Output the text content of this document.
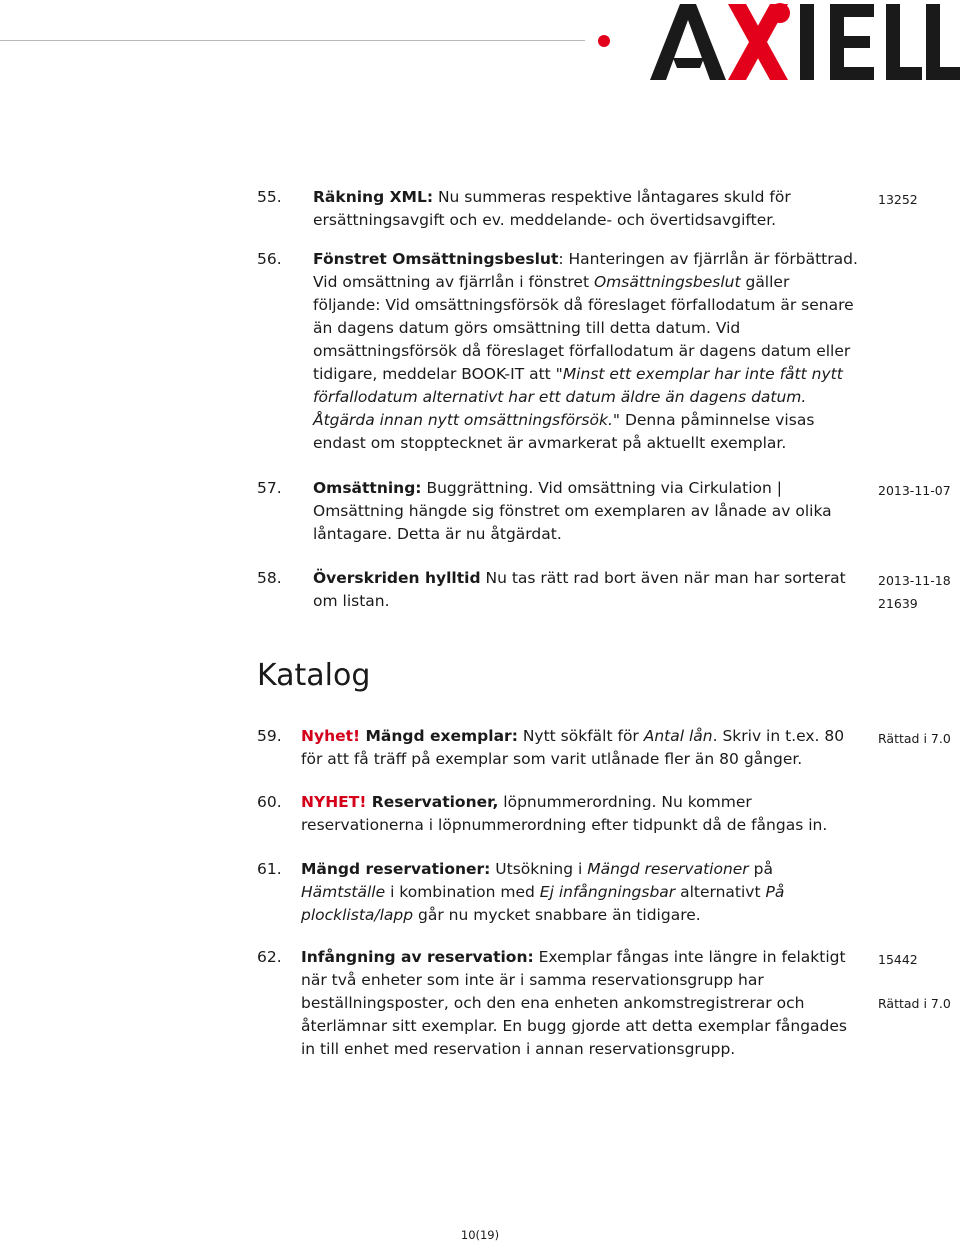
55. Räkning XML: Nu summeras respektive låntagares skuld för ersättningsavgift och ev. meddelande- och övertidsavgifter.
13252
56. Fönstret Omsättningsbeslut: Hanteringen av fjärrlån är förbättrad. Vid omsättning av fjärrlån i fönstret Omsättningsbeslut gäller följande: Vid omsättningsförsök då föreslaget förfallodatum är senare än dagens datum görs omsättning till detta datum. Vid omsättningsförsök då föreslaget förfallodatum är dagens datum eller tidigare, meddelar BOOK-IT att "Minst ett exemplar har inte fått nytt förfallodatum alternativt har ett datum äldre än dagens datum. Åtgärda innan nytt omsättningsförsök." Denna påminnelse visas endast om stopptecknet är avmarkerat på aktuellt exemplar.
57. Omsättning: Buggrättning. Vid omsättning via Cirkulation | Omsättning hängde sig fönstret om exemplaren av lånade av olika låntagare. Detta är nu åtgärdat.
2013-11-07
58. Överskriden hylltid Nu tas rätt rad bort även när man har sorterat om listan.
2013-11-18
21639
Katalog
59. Nyhet! Mängd exemplar: Nytt sökfält för Antal lån. Skriv in t.ex. 80 för att få träff på exemplar som varit utlånade fler än 80 gånger.
Rättad i 7.0
60. NYHET! Reservationer, löpnummerordning. Nu kommer reservationerna i löpnummerordning efter tidpunkt då de fångas in.
61. Mängd reservationer: Utsökning i Mängd reservationer på Hämtställe i kombination med Ej infångningsbar alternativt På plocklista/lapp går nu mycket snabbare än tidigare.
62. Infångning av reservation: Exemplar fångas inte längre in felaktigt när två enheter som inte är i samma reservationsgrupp har beställningsposter, och den ena enheten ankomstregistrerar och återlämnar sitt exemplar. En bugg gjorde att detta exemplar fångades in till enhet med reservation i annan reservationsgrupp.
15442
Rättad i 7.0
10(19)
